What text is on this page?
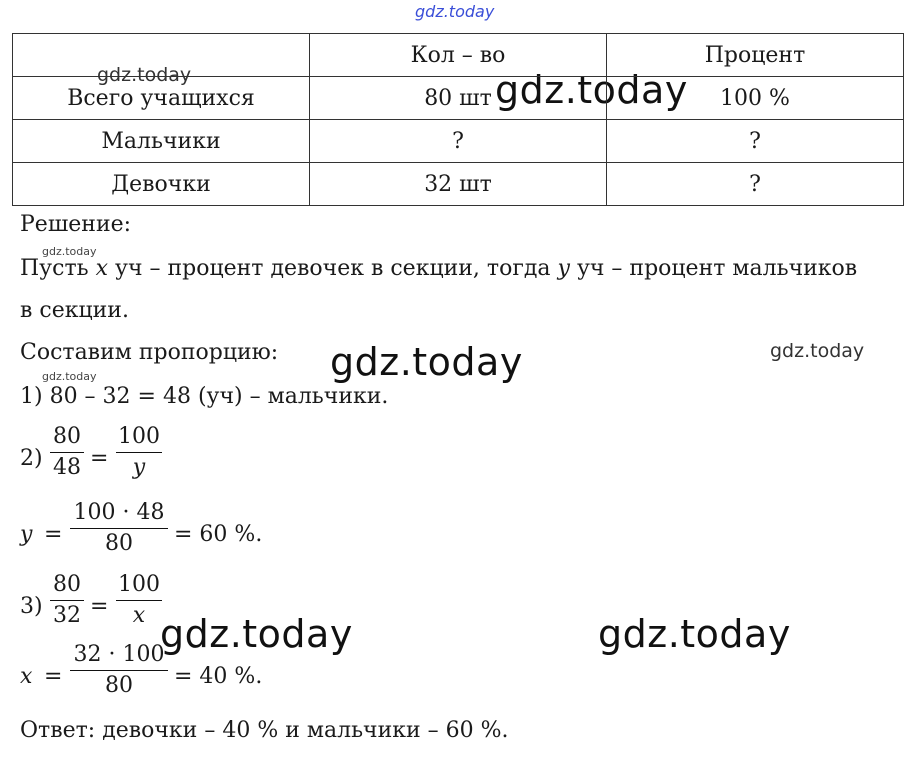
gdz.today
gdz.today	gdz.today
gdz.today
gdz.today	gdz.today
gdz.today
gdz.today	gdz.today
	Кол – во	Процент
Всего учащихся	80 шт	100 %
Мальчики	?	?
Девочки	32 шт	?
Решение:
Пусть x уч – процент девочек в секции, тогда y уч – процент мальчиков
в секции.
Составим пропорцию:
1) 80 – 32 = 48 (уч) – мальчики.
$2) \frac{80}{48} = \frac{100}{y}$
$y = \frac{100 \cdot 48}{80} = 60$ %.
$3) \frac{80}{32} = \frac{100}{x}$
$x = \frac{32 \cdot 100}{80} = 40$ %.
Ответ: девочки – 40 % и мальчики – 60 %.
